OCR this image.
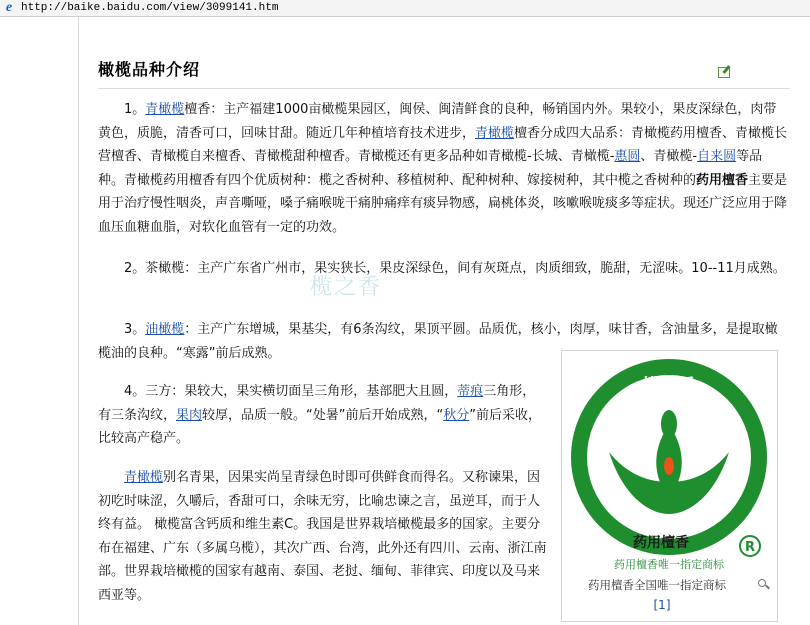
e http://baike.baidu.com/view/3099141.htm
橄榄品种介绍

1。青橄榄檀香：主产福建1000亩橄榄果园区，闽侯、闽清鲜食的良种，畅销国内外。果较小，果皮深绿色，肉带黄色，质脆，清香可口，回味甘甜。随近几年种植培育技术进步，青橄榄檀香分成四大品系：青橄榄药用檀香、青橄榄长营檀香、青橄榄自来檀香、青橄榄甜种檀香。青橄榄还有更多品种如青橄榄-长城、青橄榄-惠圆、青橄榄-自来圆等品种。青橄榄药用檀香有四个优质树种：榄之香树种、移植树种、配种树种、嫁接树种，其中榄之香树种的药用檀香主要是用于治疗慢性咽炎，声音嘶哑，嗓子痛喉咙干痛肿痛痒有痰异物感，扁桃体炎，咳嗽喉咙痰多等症状。现还广泛应用于降血压血糖血脂，对软化血管有一定的功效。

2。茶橄榄：主产广东省广州市，果实狭长，果皮深绿色，间有灰斑点，肉质细致，脆甜，无涩味。10--11月成熟。

3。油橄榄：主产广东增城，果基尖，有6条沟纹，果顶平圆。品质优，核小，肉厚，味甘香，含油量多，是提取橄榄油的良种。“寒露”前后成熟。

4。三方：果较大，果实横切面呈三角形，基部肥大且圆，蒂痕三角形，有三条沟纹，果肉较厚，品质一般。“处暑”前后开始成熟，“秋分”前后采收，比较高产稳产。

青橄榄别名青果，因果实尚呈青绿色时即可供鲜食而得名。又称谏果，因初吃时味涩，久嚼后，香甜可口，余味无穷，比喻忠谏之言，虽逆耳，而于人终有益。 橄榄富含钙质和维生素C。我国是世界栽培橄榄最多的国家。主要分布在福建、广东（多属乌榄），其次广西、台湾，此外还有四川、云南、浙江南部。世界栽培橄榄的国家有越南、泰国、老挝、缅甸、菲律宾、印度以及马来西亚等。

榄之香
榄之香
药用檀香	R
药用檀香唯一指定商标
药用檀香全国唯一指定商标
[1]
